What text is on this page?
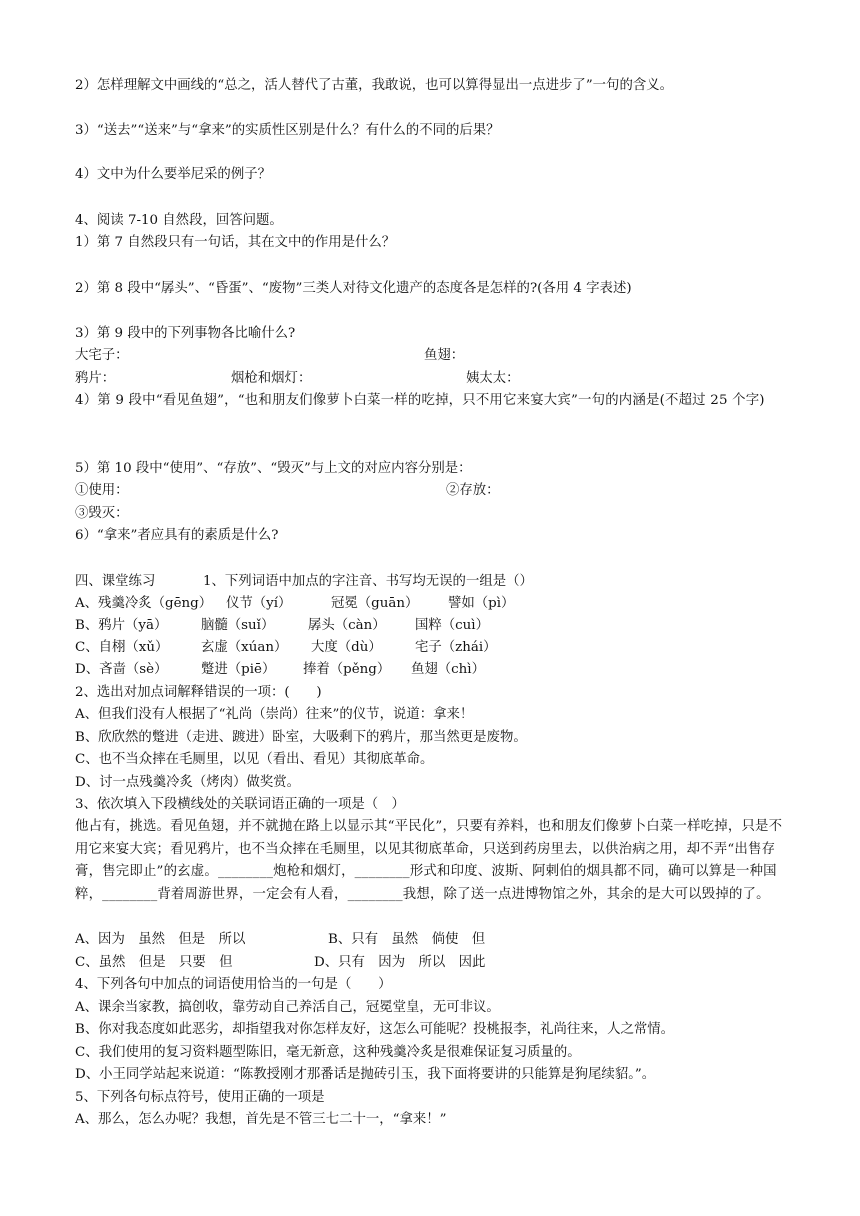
2）怎样理解文中画线的“总之，活人替代了古董，我敢说，也可以算得显出一点进步了”一句的含义。
3）“送去”“送来”与“拿来”的实质性区别是什么？有什么的不同的后果？
4）文中为什么要举尼采的例子？
4、阅读 7-10 自然段，回答问题。
1）第 7 自然段只有一句话，其在文中的作用是什么？
2）第 8 段中“孱头”、“昏蛋”、“废物”三类人对待文化遗产的态度各是怎样的?(各用 4 字表述)
3）第 9 段中的下列事物各比喻什么?
大宅子：	鱼翅：
鸦片：	烟枪和烟灯：	姨太太：
4）第 9 段中“看见鱼翅”，“也和朋友们像萝卜白菜一样的吃掉，只不用它来宴大宾”一句的内涵是(不超过 25 个字)
5）第 10 段中“使用”、“存放”、“毁灭”与上文的对应内容分别是：
①使用：	②存放：
③毁灭：
6）“拿来”者应具有的素质是什么?
四、课堂练习	1、下列词语中加点的字注音、书写均无误的一组是（）
A、残羹冷炙（gēng） 仪节（yí）	冠冕（guān） 譬如（pì）
B、鸦片（yā）	脑髓（suǐ）	孱头（càn） 国粹（cuì）
C、自栩（xǔ） 玄虚（xúan） 大度（dù） 宅子（zhái）
D、吝啬（sè）	蹩进（piē） 捧着（pěng） 鱼翅（chì）
2、选出对加点词解释错误的一项：(　　)
A、但我们没有人根据了“礼尚（崇尚）往来”的仪节，说道：拿来！
B、欣欣然的蹩进（走进、踱进）卧室，大吸剩下的鸦片，那当然更是废物。
C、也不当众摔在毛厕里，以见（看出、看见）其彻底革命。
D、讨一点残羹冷炙（烤肉）做奖赏。
3、依次填入下段横线处的关联词语正确的一项是（　）
他占有，挑选。看见鱼翅，并不就抛在路上以显示其“平民化”，只要有养料，也和朋友们像萝卜白菜一样吃掉，只是不用它来宴大宾；看见鸦片，也不当众摔在毛厕里，以见其彻底革命，只送到药房里去，以供治病之用，却不弄“出售存膏，售完即止”的玄虚。________炮枪和烟灯，________形式和印度、波斯、阿剌伯的烟具都不同，确可以算是一种国粹，________背着周游世界，一定会有人看，________我想，除了送一点进博物馆之外，其余的是大可以毁掉的了。
A、因为　虽然　但是　所以	B、只有　虽然　倘使　但
C、虽然　但是　只要　但	D、只有　因为　所以　因此
4、下列各句中加点的词语使用恰当的一句是（　　）
A、课余当家教，搞创收，靠劳动自己养活自己，冠冕堂皇，无可非议。
B、你对我态度如此恶劣，却指望我对你怎样友好，这怎么可能呢？投桃报李，礼尚往来，人之常情。
C、我们使用的复习资料题型陈旧，毫无新意，这种残羹冷炙是很难保证复习质量的。
D、小王同学站起来说道：“陈教授刚才那番话是抛砖引玉，我下面将要讲的只能算是狗尾续貂。”。
5、下列各句标点符号，使用正确的一项是
A、那么，怎么办呢？我想，首先是不管三七二十一，“拿来！”
